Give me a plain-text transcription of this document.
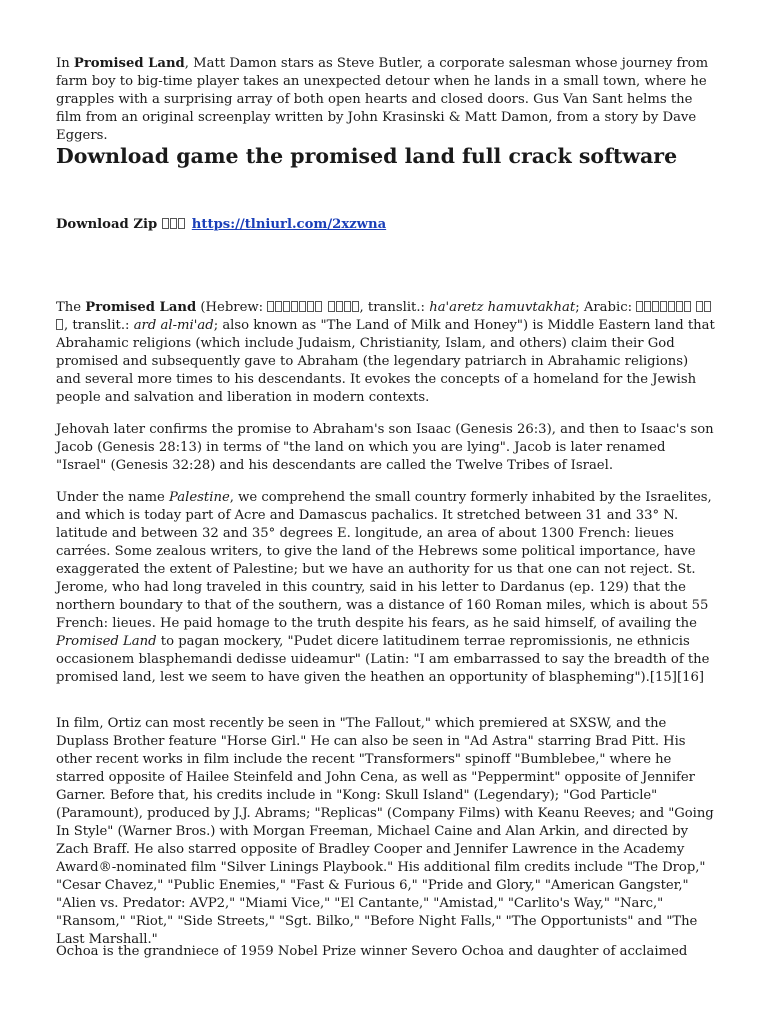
In Promised Land, Matt Damon stars as Steve Butler, a corporate salesman whose journey from farm boy to big-time player takes an unexpected detour when he lands in a small town, where he grapples with a surprising array of both open hearts and closed doors. Gus Van Sant helms the film from an original screenplay written by John Krasinski & Matt Damon, from a story by Dave Eggers.

Download game the promised land full crack software
Download Zip	https://tlniurl.com/2xzwna

The Promised Land (Hebrew:	, translit.: ha'aretz hamuvtakhat; Arabic:  , translit.: ard al-mi'ad; also known as "The Land of Milk and Honey") is Middle Eastern land that Abrahamic religions (which include Judaism, Christianity, Islam, and others) claim their God promised and subsequently gave to Abraham (the legendary patriarch in Abrahamic religions) and several more times to his descendants. It evokes the concepts of a homeland for the Jewish people and salvation and liberation in modern contexts.

Jehovah later confirms the promise to Abraham's son Isaac (Genesis 26:3), and then to Isaac's son Jacob (Genesis 28:13) in terms of "the land on which you are lying". Jacob is later renamed "Israel" (Genesis 32:28) and his descendants are called the Twelve Tribes of Israel.

Under the name Palestine, we comprehend the small country formerly inhabited by the Israelites, and which is today part of Acre and Damascus pachalics. It stretched between 31 and 33° N. latitude and between 32 and 35° degrees E. longitude, an area of about 1300 French: lieues carrées. Some zealous writers, to give the land of the Hebrews some political importance, have exaggerated the extent of Palestine; but we have an authority for us that one can not reject. St. Jerome, who had long traveled in this country, said in his letter to Dardanus (ep. 129) that the northern boundary to that of the southern, was a distance of 160 Roman miles, which is about 55 French: lieues. He paid homage to the truth despite his fears, as he said himself, of availing the Promised Land to pagan mockery, "Pudet dicere latitudinem terrae repromissionis, ne ethnicis occasionem blasphemandi dedisse uideamur" (Latin: "I am embarrassed to say the breadth of the promised land, lest we seem to have given the heathen an opportunity of blaspheming").[15][16]

In film, Ortiz can most recently be seen in "The Fallout," which premiered at SXSW, and the Duplass Brother feature "Horse Girl." He can also be seen in "Ad Astra" starring Brad Pitt. His other recent works in film include the recent "Transformers" spinoff "Bumblebee," where he starred opposite of Hailee Steinfeld and John Cena, as well as "Peppermint" opposite of Jennifer Garner. Before that, his credits include in "Kong: Skull Island" (Legendary); "God Particle" (Paramount), produced by J.J. Abrams; "Replicas" (Company Films) with Keanu Reeves; and "Going In Style" (Warner Bros.) with Morgan Freeman, Michael Caine and Alan Arkin, and directed by Zach Braff. He also starred opposite of Bradley Cooper and Jennifer Lawrence in the Academy Award®-nominated film "Silver Linings Playbook." His additional film credits include "The Drop," "Cesar Chavez," "Public Enemies," "Fast & Furious 6," "Pride and Glory," "American Gangster," "Alien vs. Predator: AVP2," "Miami Vice," "El Cantante," "Amistad," "Carlito's Way," "Narc," "Ransom," "Riot," "Side Streets," "Sgt. Bilko," "Before Night Falls," "The Opportunists" and "The Last Marshall."

Ochoa is the grandniece of 1959 Nobel Prize winner Severo Ochoa and daughter of acclaimed
